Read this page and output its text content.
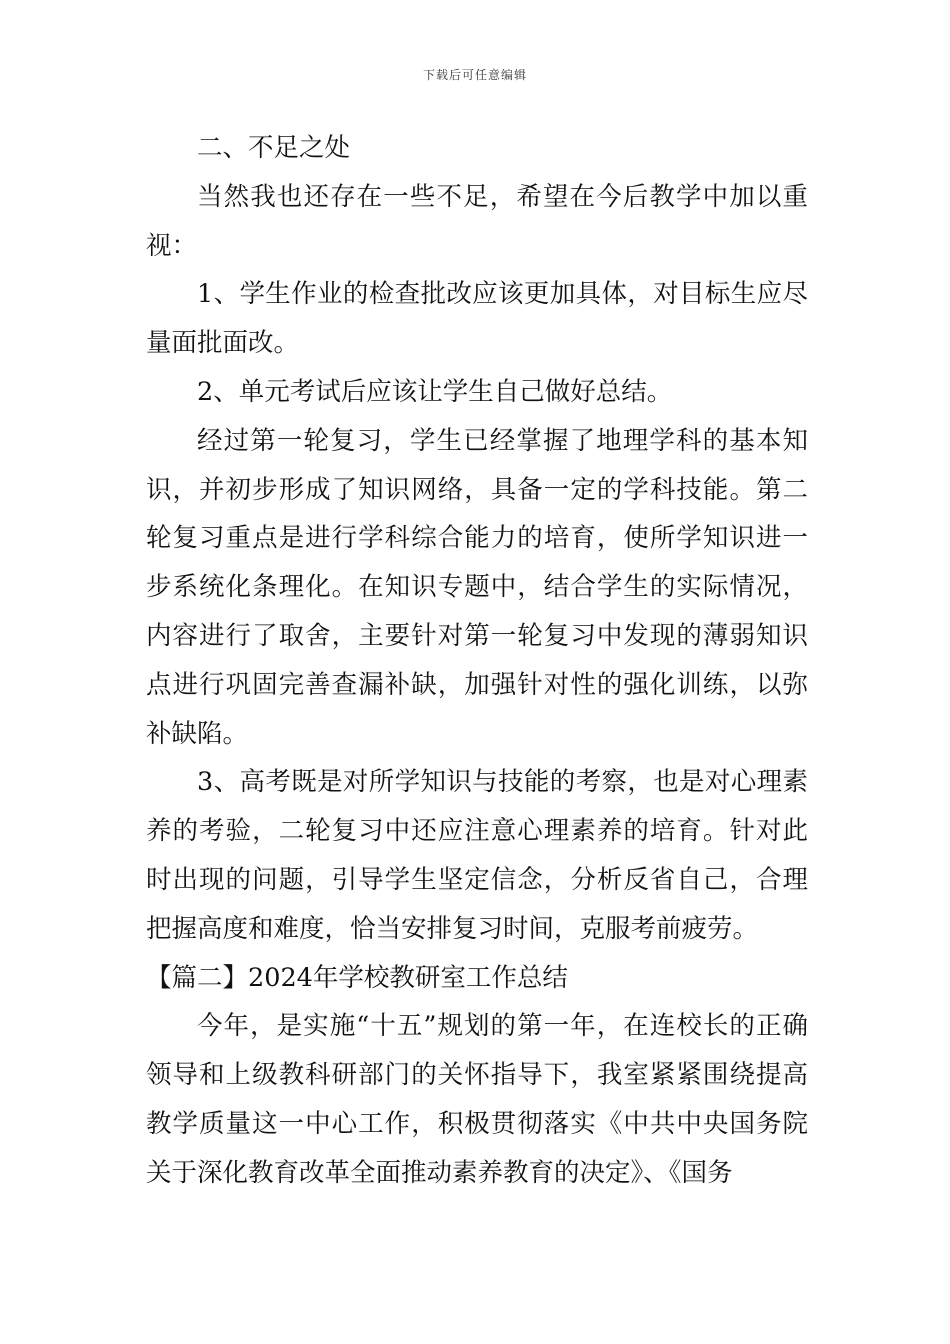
下载后可任意编辑

二、不足之处

当然我也还存在一些不足，希望在今后教学中加以重视：

1、学生作业的检查批改应该更加具体，对目标生应尽量面批面改。

2、单元考试后应该让学生自己做好总结。

经过第一轮复习，学生已经掌握了地理学科的基本知识，并初步形成了知识网络，具备一定的学科技能。第二轮复习重点是进行学科综合能力的培育，使所学知识进一步系统化条理化。在知识专题中，结合学生的实际情况，内容进行了取舍，主要针对第一轮复习中发现的薄弱知识点进行巩固完善查漏补缺，加强针对性的强化训练，以弥补缺陷。

3、高考既是对所学知识与技能的考察，也是对心理素养的考验，二轮复习中还应注意心理素养的培育。针对此时出现的问题，引导学生坚定信念，分析反省自己，合理把握高度和难度，恰当安排复习时间，克服考前疲劳。

【篇二】2024年学校教研室工作总结

今年，是实施“十五”规划的第一年，在连校长的正确领导和上级教科研部门的关怀指导下，我室紧紧围绕提高教学质量这一中心工作，积极贯彻落实《中共中央国务院关于深化教育改革全面推动素养教育的决定》、《国务
